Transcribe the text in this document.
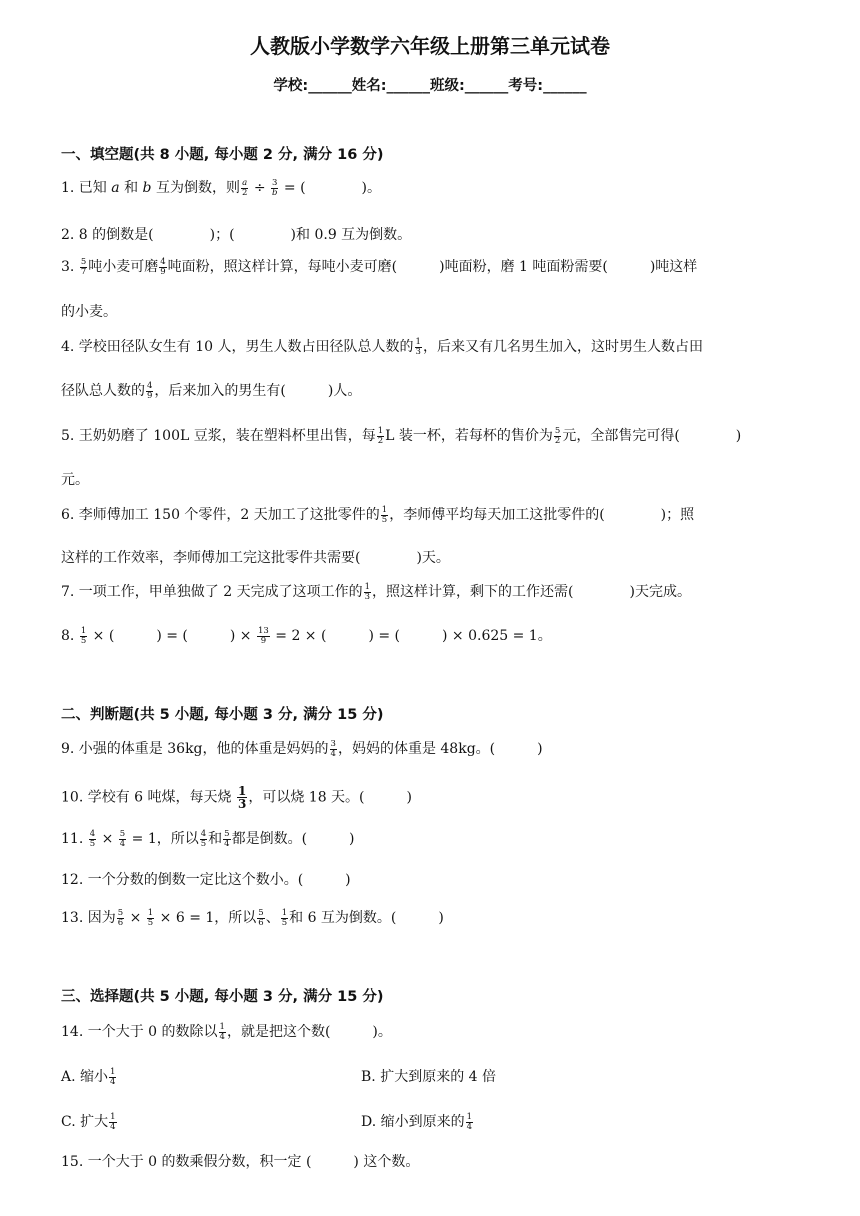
人教版小学数学六年级上册第三单元试卷
学校:______姓名:______班级:______考号:______
一、填空题(共 8 小题, 每小题 2 分, 满分 16 分)
1. 已知 a 和 b 互为倒数，则 $\frac{a}{2} \div \frac{3}{b}$ = (　　　　)。
2. 8 的倒数是(　　　　)；(　　　　)和 0.9 互为倒数。
3. $\frac{5}{7}$ 吨小麦可磨 $\frac{4}{9}$ 吨面粉，照这样计算，每吨小麦可磨(　　　)吨面粉，磨 1 吨面粉需要(　　　)吨这样
的小麦。
4. 学校田径队女生有 10 人，男生人数占田径队总人数的 $\frac{1}{3}$ ，后来又有几名男生加入，这时男生人数占田
径队总人数的 $\frac{4}{9}$ ，后来加入的男生有(　　　)人。
5. 王奶奶磨了 100L 豆浆，装在塑料杯里出售，每 $\frac{1}{2}$ L 装一杯，若每杯的售价为 $\frac{5}{2}$ 元，全部售完可得(　　　　)
元。
6. 李师傅加工 150 个零件，2 天加工了这批零件的 $\frac{1}{5}$ ，李师傅平均每天加工这批零件的(　　　　)；照
这样的工作效率，李师傅加工完这批零件共需要(　　　　)天。
7. 一项工作，甲单独做了 2 天完成了这项工作的 $\frac{1}{3}$ ，照这样计算，剩下的工作还需(　　　　)天完成。
8. $\frac{1}{5}$ × (　　　) = (　　　) × $\frac{13}{9} = 2$ × (　　　) = (　　　) × 0.625 = 1。
二、判断题(共 5 小题, 每小题 3 分, 满分 15 分)
9. 小强的体重是 36kg，他的体重是妈妈的 $\frac{3}{4}$ ，妈妈的体重是 48kg。(　　　)
10. 学校有 6 吨煤，每天烧 $\frac{1}{3}$ ，可以烧 18 天。(　　　)
11. $\frac{4}{5} \times \frac{5}{4} = 1$，所以 $\frac{4}{5}$ 和 $\frac{5}{4}$ 都是倒数。(　　　)
12. 一个分数的倒数一定比这个数小。(　　　)
13. 因为 $\frac{5}{6} \times \frac{1}{5} \times 6 = 1$，所以 $\frac{5}{6}$ 、 $\frac{1}{5}$ 和 6 互为倒数。(　　　)
三、选择题(共 5 小题, 每小题 3 分, 满分 15 分)
14. 一个大于 0 的数除以 $\frac{1}{4}$ ，就是把这个数(　　　)。
A. 缩小 $\frac{1}{4}$	B. 扩大到原来的 4 倍
C. 扩大 $\frac{1}{4}$	D. 缩小到原来的 $\frac{1}{4}$
15. 一个大于 0 的数乘假分数，积一定 (　　　) 这个数。
